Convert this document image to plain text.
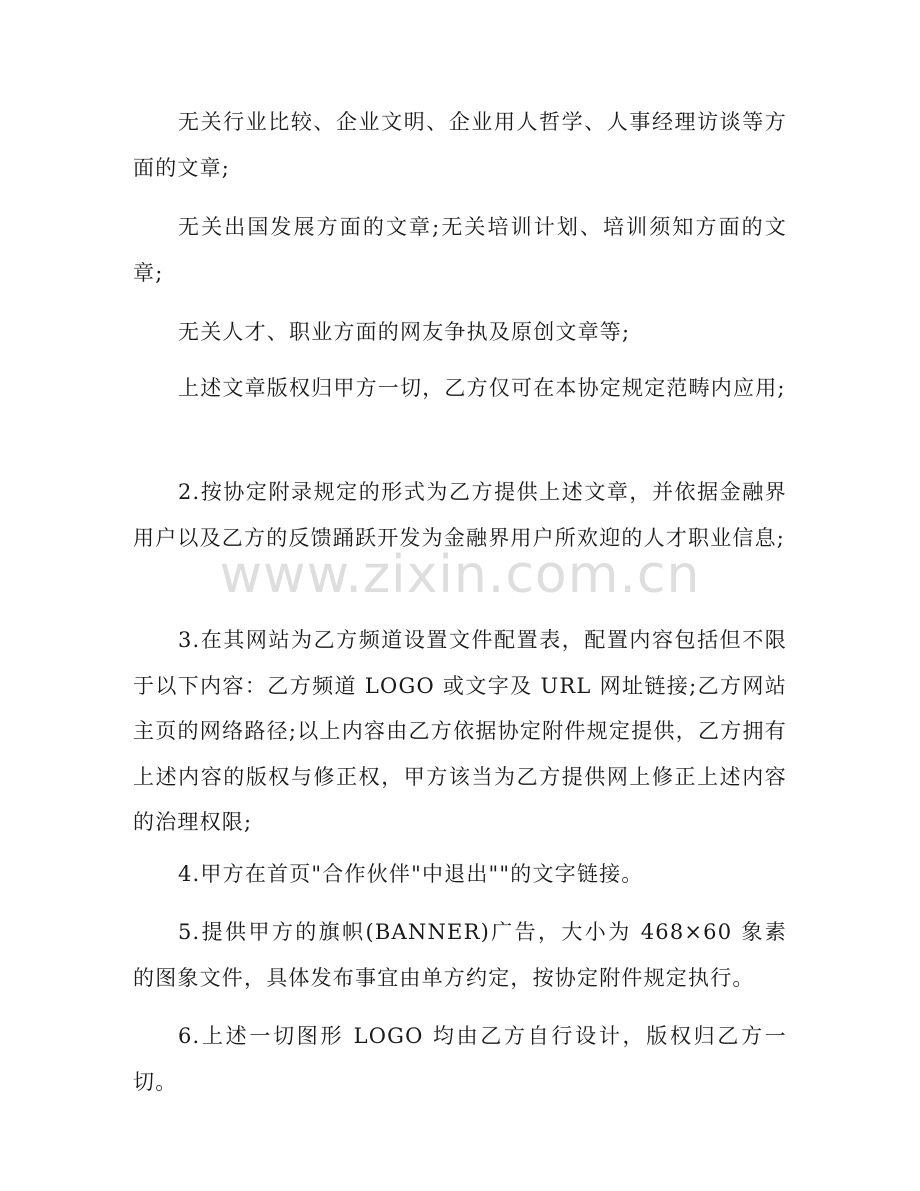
无关行业比较、企业文明、企业用人哲学、人事经理访谈等方面的文章;

无关出国发展方面的文章;无关培训计划、培训须知方面的文章;

无关人才、职业方面的网友争执及原创文章等;

上述文章版权归甲方一切，乙方仅可在本协定规定范畴内应用;

2.按协定附录规定的形式为乙方提供上述文章，并依据金融界用户以及乙方的反馈踊跃开发为金融界用户所欢迎的人才职业信息;

3.在其网站为乙方频道设置文件配置表，配置内容包括但不限于以下内容：乙方频道 LOGO 或文字及 URL 网址链接;乙方网站主页的网络路径;以上内容由乙方依据协定附件规定提供，乙方拥有上述内容的版权与修正权，甲方该当为乙方提供网上修正上述内容的治理权限;

4.甲方在首页"合作伙伴"中退出""的文字链接。

5.提供甲方的旗帜(BANNER)广告，大小为 468×60 象素的图象文件，具体发布事宜由单方约定，按协定附件规定执行。

6.上述一切图形 LOGO 均由乙方自行设计，版权归乙方一切。

www.zixin.com.cn
